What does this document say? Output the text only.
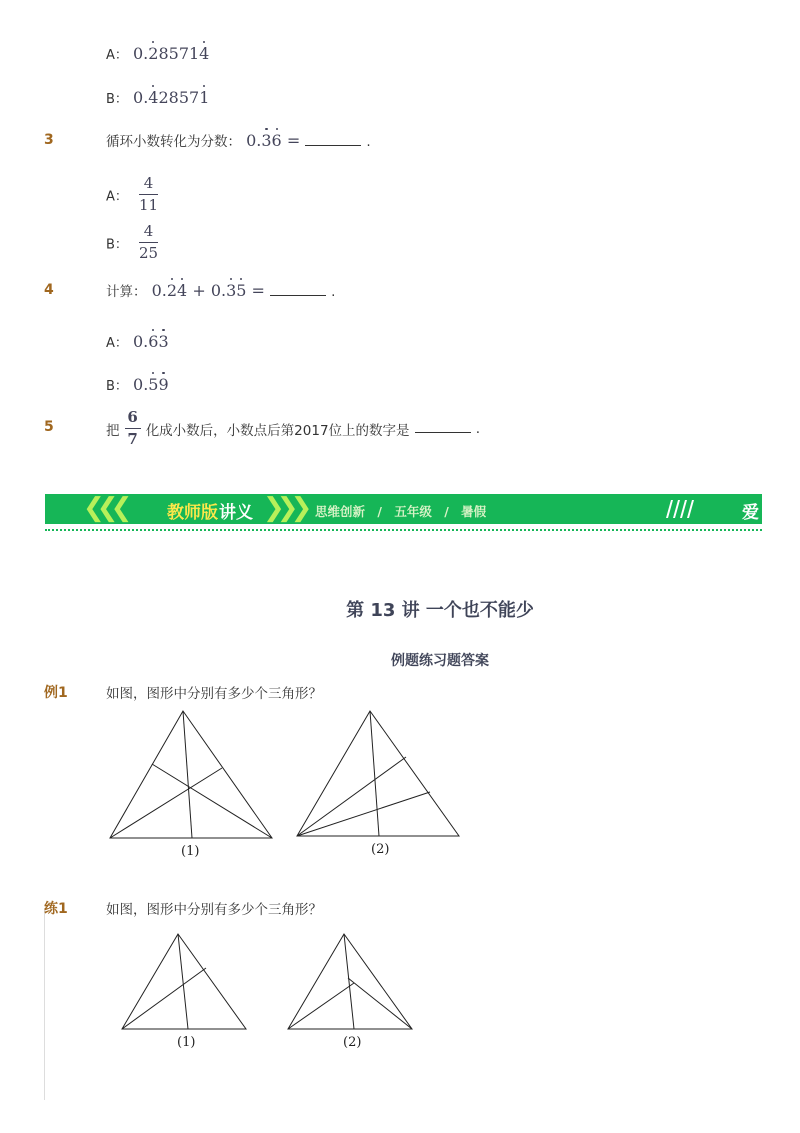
A： 0.285714
B： 0.428571
3	循环小数转化为分数： 0.36 =	.
A： $\frac{4}{11}$
B： $\frac{4}{25}$
4	计算： 0.24 + 0.35 =	.
A： 0.63
B： 0.59
5	把 $\frac{6}{7}$ 化成小数后，小数点后第2017位上的数字是	.
❮❮❮	教师版 讲义 ❯❯❯ 思维创新 / 五年级 / 暑假	爱学习
第 13 讲 一个也不能少
例题练习题答案
例1	如图，图形中分别有多少个三角形？
(1)	(2)
练1	如图，图形中分别有多少个三角形？
(1)	(2)
